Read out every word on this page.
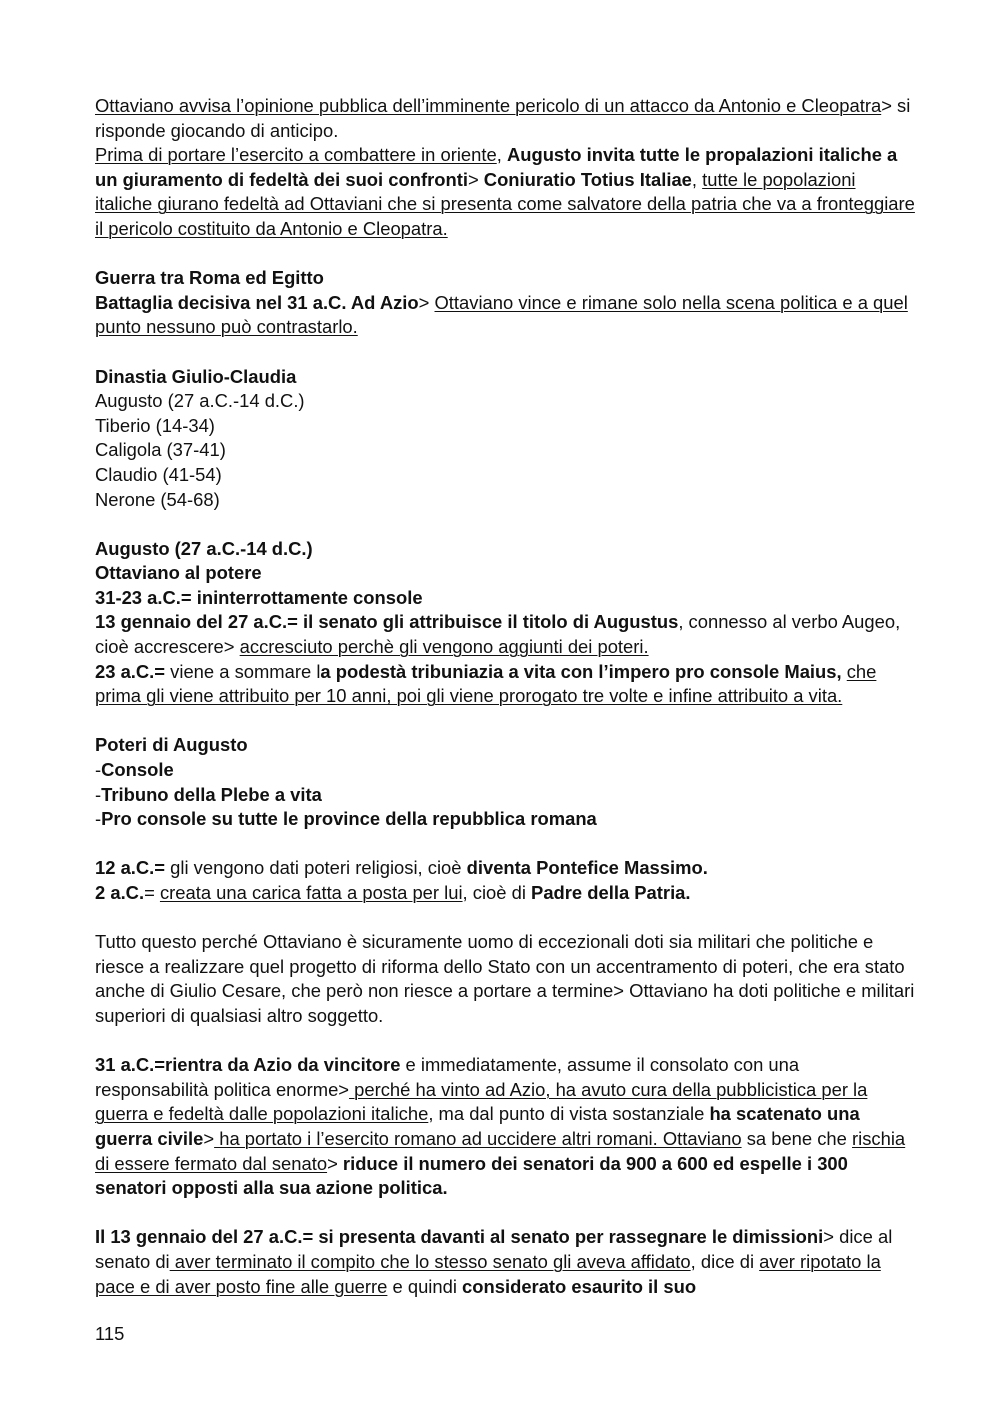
Ottaviano avvisa l’opinione pubblica dell’imminente pericolo di un attacco da Antonio e Cleopatra> si risponde giocando di anticipo.

Prima di portare l’esercito a combattere in oriente, Augusto invita tutte le propalazioni italiche a un giuramento di fedeltà dei suoi confronti> Coniuratio Totius Italiae, tutte le popolazioni italiche giurano fedeltà ad Ottaviani che si presenta come salvatore della patria che va a fronteggiare il pericolo costituito da Antonio e Cleopatra.

Guerra tra Roma ed Egitto

Battaglia decisiva nel 31 a.C. Ad Azio> Ottaviano vince e rimane solo nella scena politica e a quel punto nessuno può contrastarlo.

Dinastia Giulio-Claudia

Augusto (27 a.C.-14 d.C.)

Tiberio (14-34)

Caligola (37-41)

Claudio (41-54)

Nerone (54-68)

Augusto (27 a.C.-14 d.C.)

Ottaviano al potere

31-23 a.C.= ininterrottamente console

13 gennaio del 27 a.C.= il senato gli attribuisce il titolo di Augustus, connesso al verbo Augeo, cioè accrescere> accresciuto perchè gli vengono aggiunti dei poteri.

23 a.C.= viene a sommare la podestà tribuniazia a vita con l’impero pro console Maius, che prima gli viene attribuito per 10 anni, poi gli viene prorogato tre volte e infine attribuito a vita.

Poteri di Augusto

-Console

-Tribuno della Plebe a vita

-Pro console su tutte le province della repubblica romana

12 a.C.= gli vengono dati poteri religiosi, cioè diventa Pontefice Massimo.

2 a.C.= creata una carica fatta a posta per lui, cioè di Padre della Patria.

Tutto questo perché Ottaviano è sicuramente uomo di eccezionali doti sia militari che politiche e riesce a realizzare quel progetto di riforma dello Stato con un accentramento di poteri, che era stato anche di Giulio Cesare, che però non riesce a portare a termine> Ottaviano ha doti politiche e militari superiori di qualsiasi altro soggetto.

31 a.C.=rientra da Azio da vincitore e immediatamente, assume il consolato con una responsabilità politica enorme> perché ha vinto ad Azio, ha avuto cura della pubblicistica per la guerra e fedeltà dalle popolazioni italiche, ma dal punto di vista sostanziale ha scatenato una guerra civile> ha portato i l’esercito romano ad uccidere altri romani. Ottaviano sa bene che rischia di essere fermato dal senato> riduce il numero dei senatori da 900 a 600 ed espelle i 300 senatori opposti alla sua azione politica.

Il 13 gennaio del 27 a.C.= si presenta davanti al senato per rassegnare le dimissioni> dice al senato di aver terminato il compito che lo stesso senato gli aveva affidato, dice di aver ripotato la pace e di aver posto fine alle guerre e quindi considerato esaurito il suo

115
